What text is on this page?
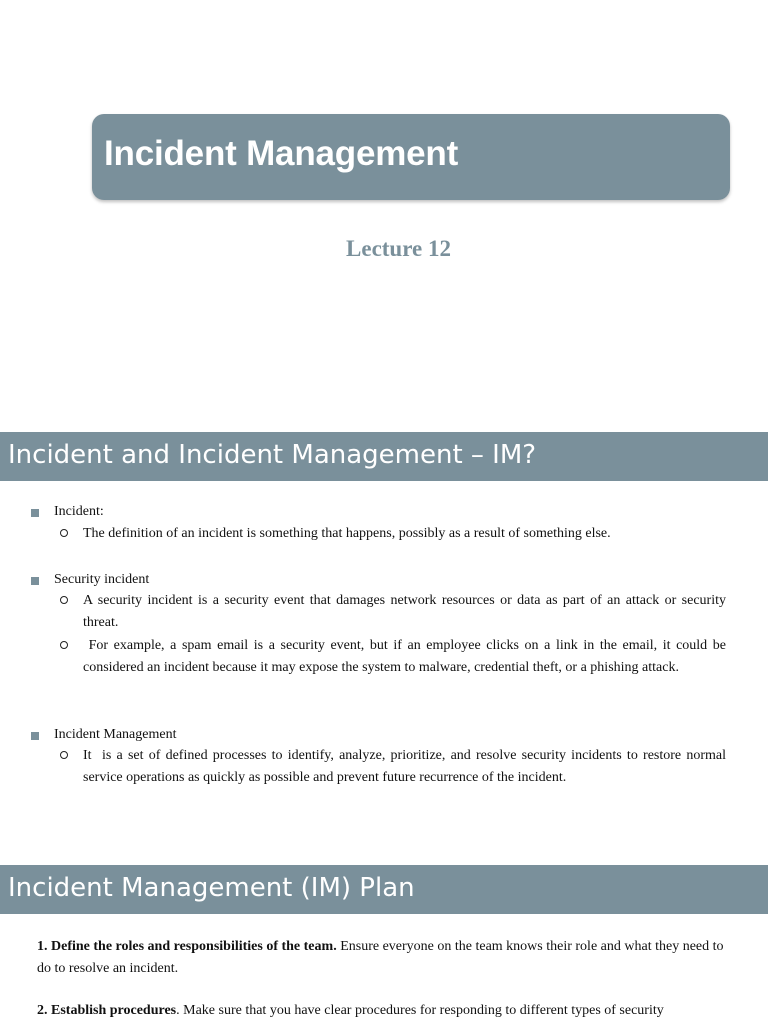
Incident Management
Lecture 12
Incident and Incident Management – IM?
Incident:
The definition of an incident is something that happens, possibly as a result of something else.
Security incident
A security incident is a security event that damages network resources or data as part of an attack or security threat.
For example, a spam email is a security event, but if an employee clicks on a link in the email, it could be considered an incident because it may expose the system to malware, credential theft, or a phishing attack.
Incident Management
It  is a set of defined processes to identify, analyze, prioritize, and resolve security incidents to restore normal service operations as quickly as possible and prevent future recurrence of the incident.
Incident Management (IM) Plan
1. Define the roles and responsibilities of the team. Ensure everyone on the team knows their role and what they need to do to resolve an incident.
2. Establish procedures. Make sure that you have clear procedures for responding to different types of security
